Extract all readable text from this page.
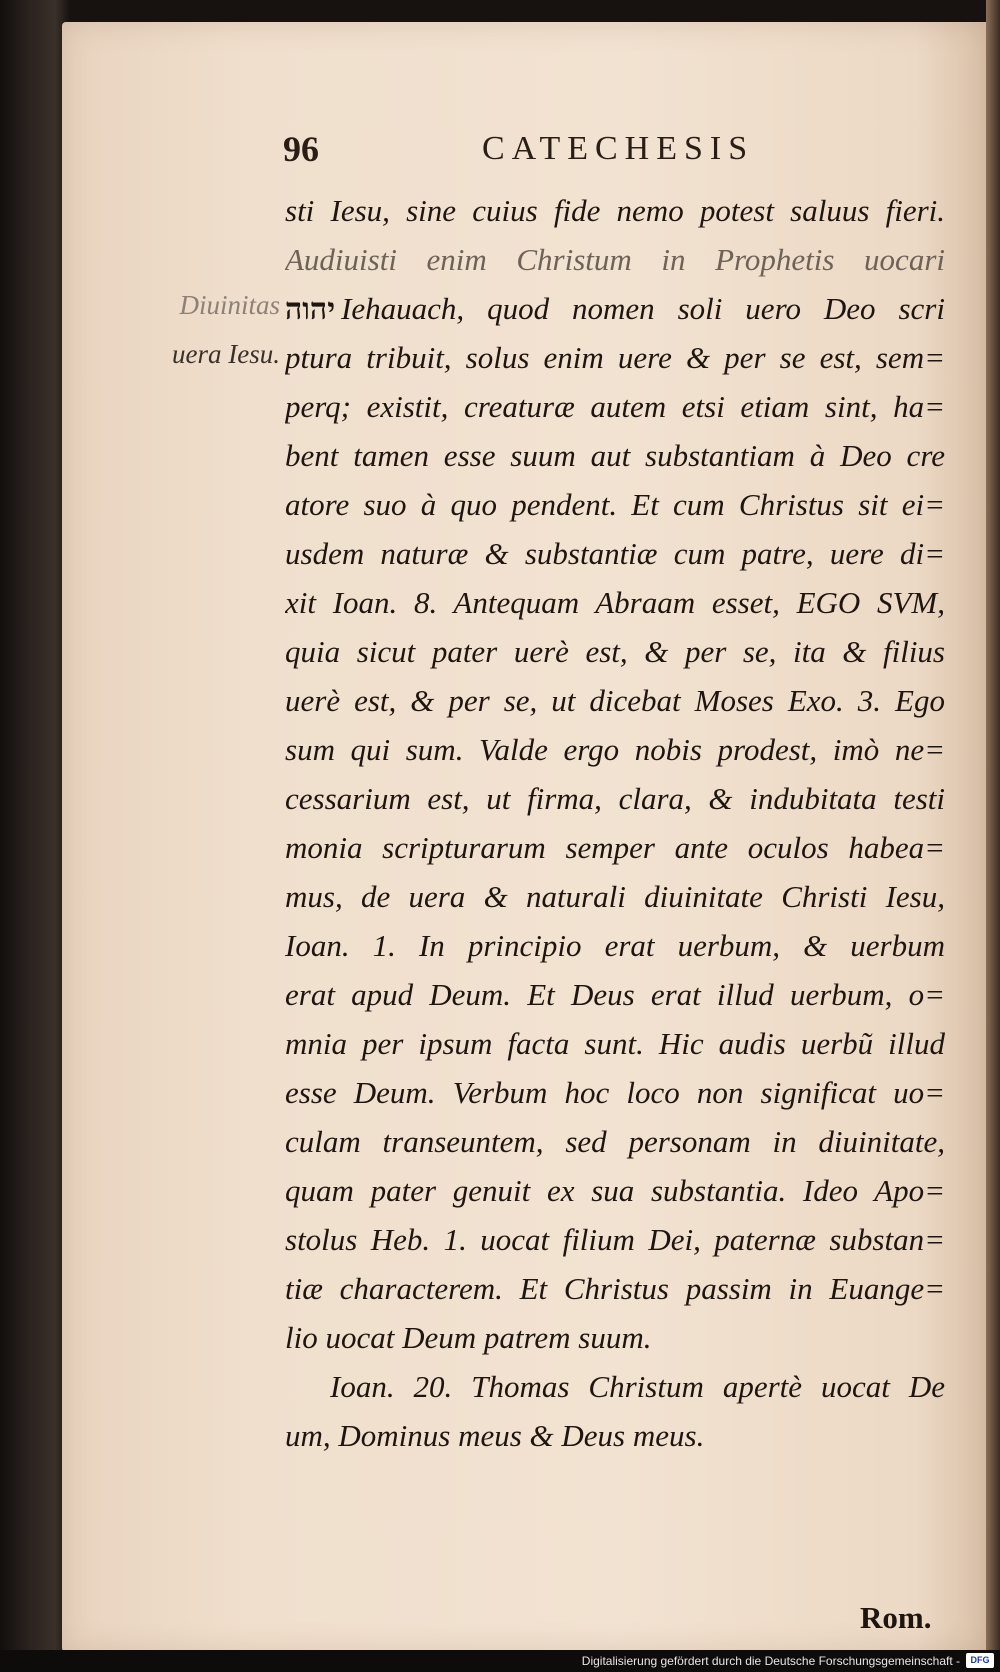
96	CATECHESIS
Diuinitas
uera Iesu.
sti Iesu, sine cuius fide nemo potest saluus fieri.
Audiuisti enim Christum in Prophetis uocari
יהוה Iehauach, quod nomen soli uero Deo scri
ptura tribuit, solus enim uere & per se est, sem=
perq; existit, creaturæ autem etsi etiam sint, ha=
bent tamen esse suum aut substantiam à Deo cre
atore suo à quo pendent. Et cum Christus sit ei=
usdem naturæ & substantiæ cum patre, uere di=
xit Ioan. 8. Antequam Abraam esset, EGO SVM,
quia sicut pater uerè est, & per se, ita & filius
uerè est, & per se, ut dicebat Moses Exo. 3. Ego
sum qui sum. Valde ergo nobis prodest, imò ne=
cessarium est, ut firma, clara, & indubitata testi
monia scripturarum semper ante oculos habea=
mus, de uera & naturali diuinitate Christi Iesu,
Ioan. 1. In principio erat uerbum, & uerbum
erat apud Deum. Et Deus erat illud uerbum, o=
mnia per ipsum facta sunt. Hic audis uerbũ illud
esse Deum. Verbum hoc loco non significat uo=
culam transeuntem, sed personam in diuinitate,
quam pater genuit ex sua substantia. Ideo Apo=
stolus Heb. 1. uocat filium Dei, paternæ substan=
tiæ characterem. Et Christus passim in Euange=
lio uocat Deum patrem suum.
Ioan. 20. Thomas Christum apertè uocat De
um, Dominus meus & Deus meus.
Rom.
Digitalisierung gefördert durch die Deutsche Forschungsgemeinschaft -	DFG
